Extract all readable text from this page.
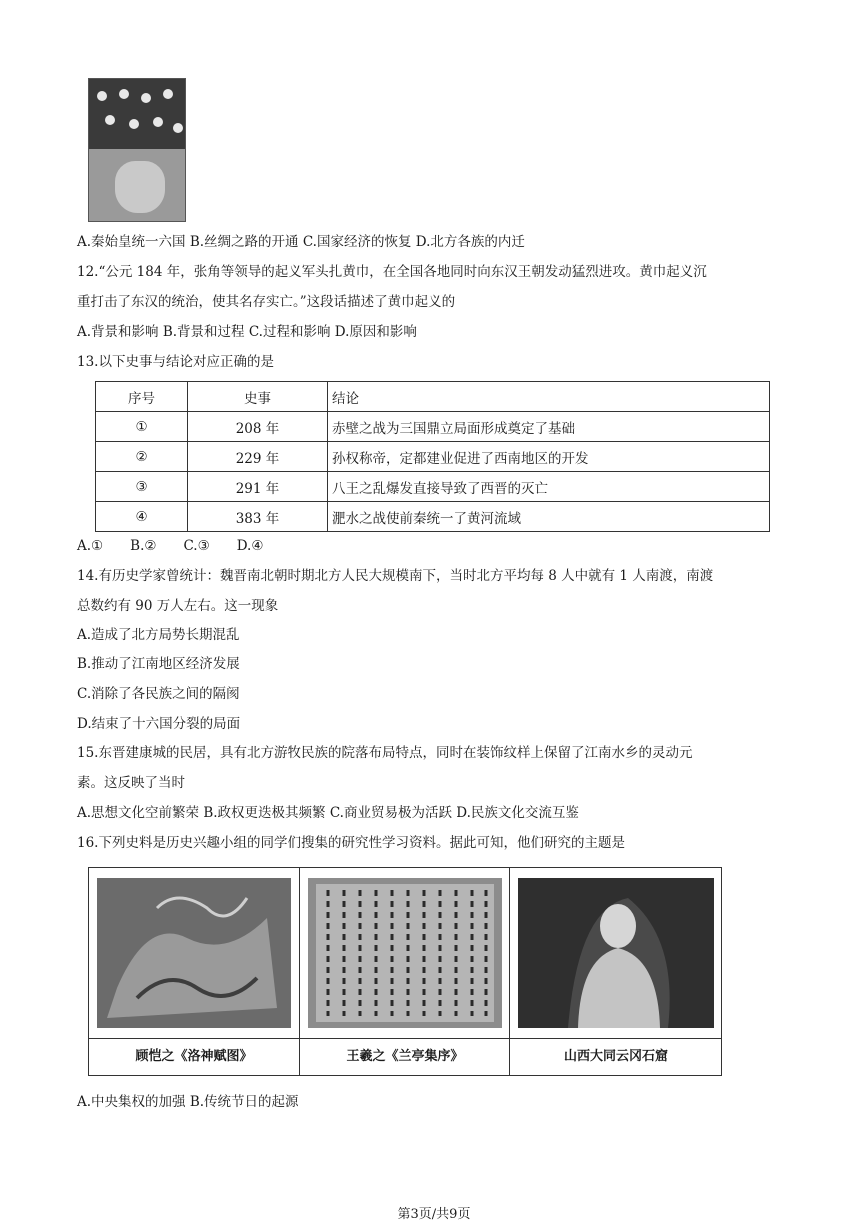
A.秦始皇统一六国 B.丝绸之路的开通 C.国家经济的恢复 D.北方各族的内迁
12.“公元 184 年，张角等领导的起义军头扎黄巾，在全国各地同时向东汉王朝发动猛烈进攻。黄巾起义沉
重打击了东汉的统治，使其名存实亡。”这段话描述了黄巾起义的
A.背景和影响 B.背景和过程 C.过程和影响 D.原因和影响
13.以下史事与结论对应正确的是
序号	史事	结论
①	208 年	赤壁之战为三国鼎立局面形成奠定了基础
②	229 年	孙权称帝，定都建业促进了西南地区的开发
③	291 年	八王之乱爆发直接导致了西晋的灭亡
④	383 年	淝水之战使前秦统一了黄河流域
A.①　　B.②　　C.③　　D.④
14.有历史学家曾统计：魏晋南北朝时期北方人民大规模南下，当时北方平均每 8 人中就有 1 人南渡，南渡
总数约有 90 万人左右。这一现象
A.造成了北方局势长期混乱
B.推动了江南地区经济发展
C.消除了各民族之间的隔阂
D.结束了十六国分裂的局面
15.东晋建康城的民居，具有北方游牧民族的院落布局特点，同时在装饰纹样上保留了江南水乡的灵动元
素。这反映了当时
A.思想文化空前繁荣 B.政权更迭极其频繁 C.商业贸易极为活跃 D.民族文化交流互鉴
16.下列史料是历史兴趣小组的同学们搜集的研究性学习资料。据此可知，他们研究的主题是
顾恺之《洛神赋图》	王羲之《兰亭集序》	山西大同云冈石窟
A.中央集权的加强 B.传统节日的起源
第3页/共9页
